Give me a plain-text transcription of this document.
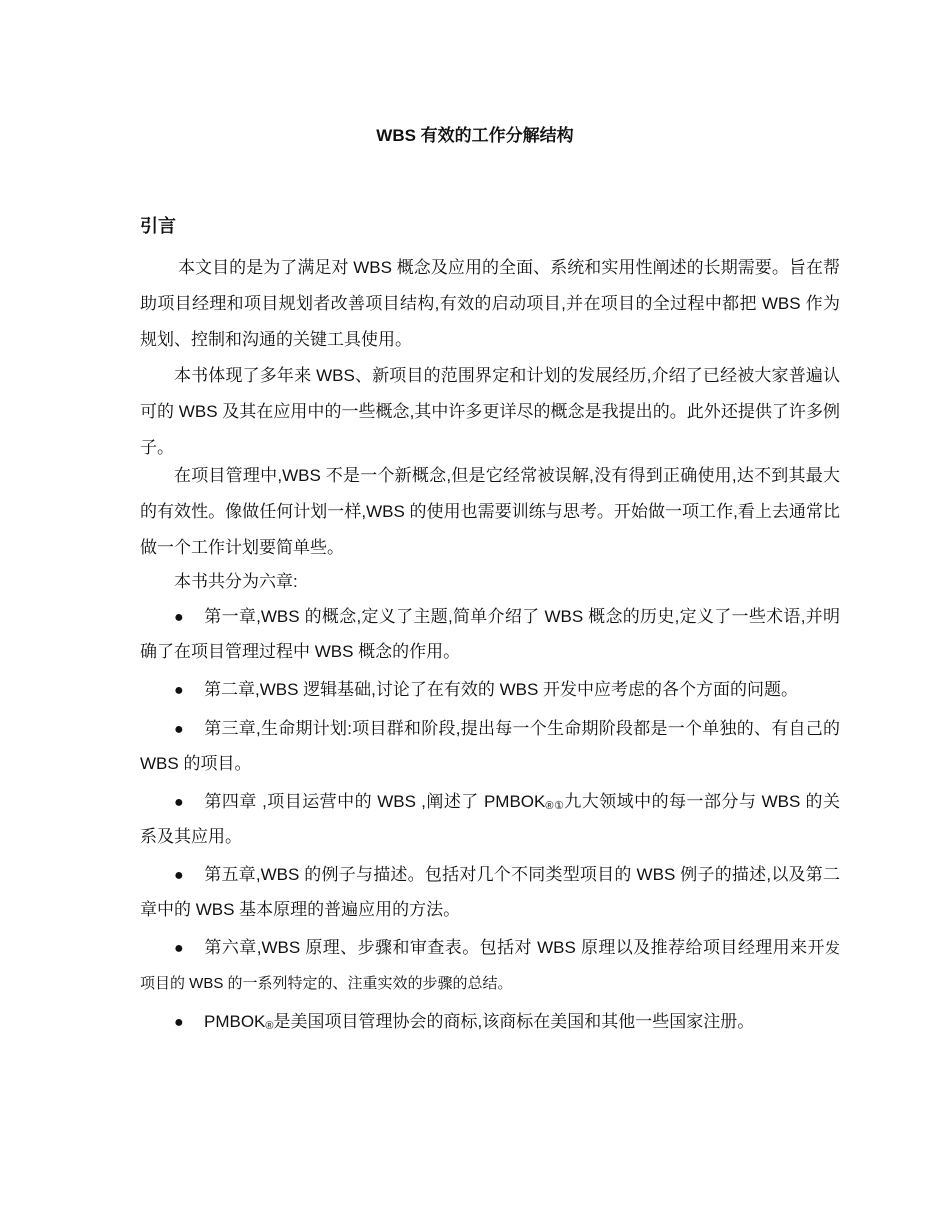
WBS 有效的工作分解结构
引言

本文目的是为了满足对 WBS 概念及应用的全面、系统和实用性阐述的长期需要。旨在帮助项目经理和项目规划者改善项目结构,有效的启动项目,并在项目的全过程中都把 WBS 作为规划、控制和沟通的关键工具使用。

本书体现了多年来 WBS、新项目的范围界定和计划的发展经历,介绍了已经被大家普遍认可的 WBS 及其在应用中的一些概念,其中许多更详尽的概念是我提出的。此外还提供了许多例子。

在项目管理中,WBS 不是一个新概念,但是它经常被误解,没有得到正确使用,达不到其最大的有效性。像做任何计划一样,WBS 的使用也需要训练与思考。开始做一项工作,看上去通常比做一个工作计划要简单些。

本书共分为六章:

● 第一章,WBS 的概念,定义了主题,简单介绍了 WBS 概念的历史,定义了一些术语,并明确了在项目管理过程中 WBS 概念的作用。
● 第二章,WBS 逻辑基础,讨论了在有效的 WBS 开发中应考虑的各个方面的问题。
● 第三章,生命期计划:项目群和阶段,提出每一个生命期阶段都是一个单独的、有自己的 WBS 的项目。
● 第四章 ,项目运营中的 WBS ,阐述了 $PMBOK_{®①}$九大领域中的每一部分与 WBS 的关系及其应用。
● 第五章,WBS 的例子与描述。包括对几个不同类型项目的 WBS 例子的描述,以及第二章中的 WBS 基本原理的普遍应用的方法。
● 第六章,WBS 原理、步骤和审查表。包括对 WBS 原理以及推荐给项目经理用来开发项目的 WBS 的一系列特定的、注重实效的步骤的总结。
● $PMBOK_®$是美国项目管理协会的商标,该商标在美国和其他一些国家注册。
